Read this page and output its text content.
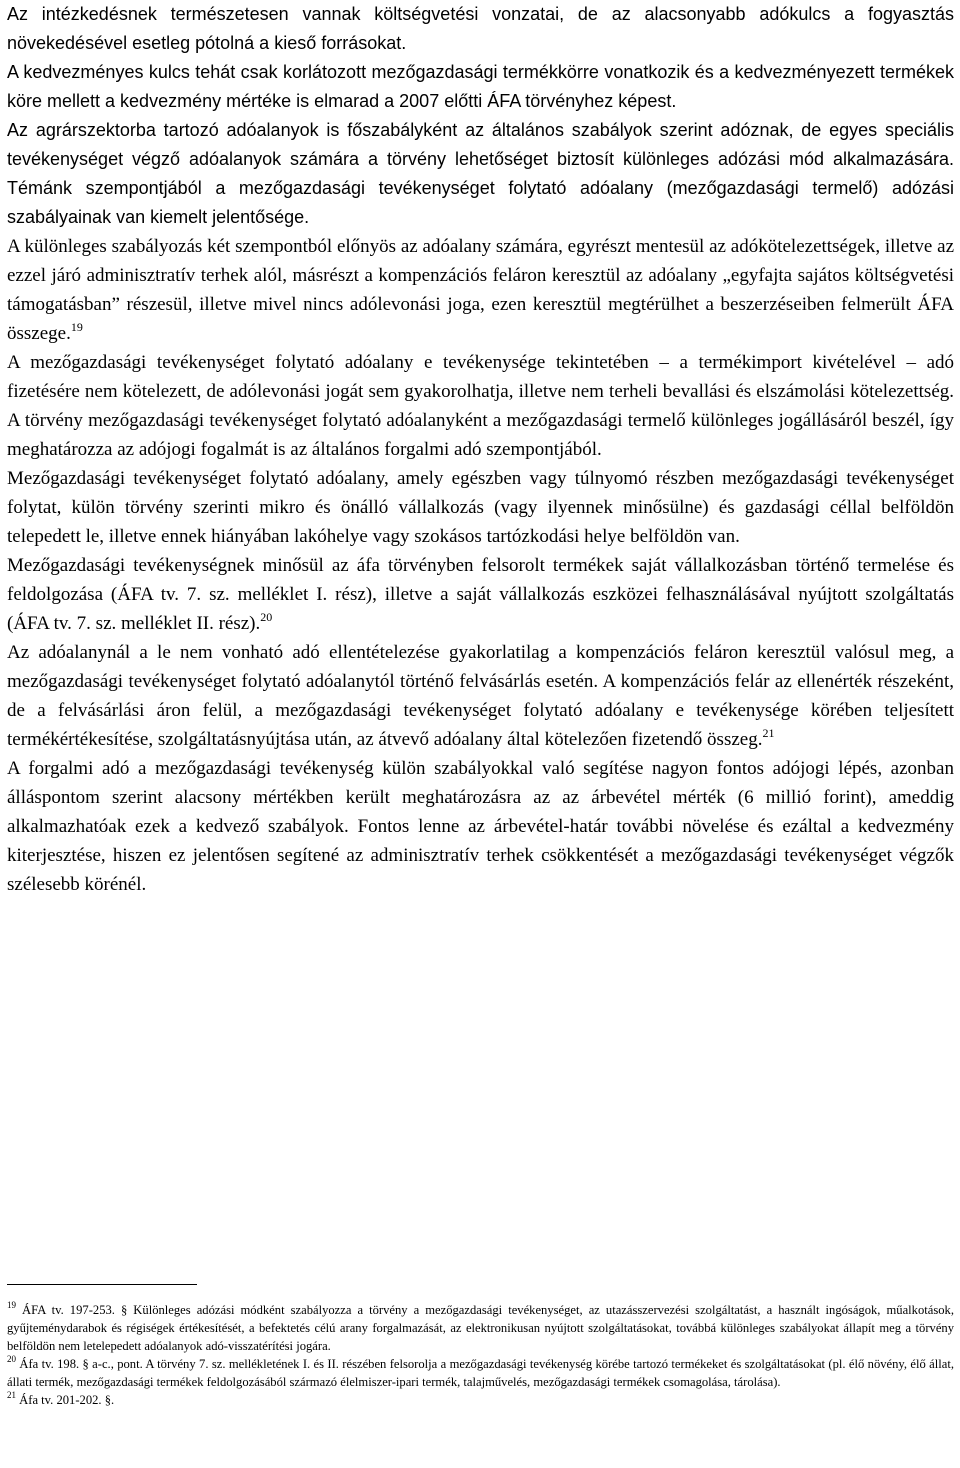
Az intézkedésnek természetesen vannak költségvetési vonzatai, de az alacsonyabb adókulcs a fogyasztás növekedésével esetleg pótolná a kieső forrásokat.

A kedvezményes kulcs tehát csak korlátozott mezőgazdasági termékkörre vonatkozik és a kedvezményezett termékek köre mellett a kedvezmény mértéke is elmarad a 2007 előtti ÁFA törvényhez képest.

Az agrárszektorba tartozó adóalanyok is főszabályként az általános szabályok szerint adóznak, de egyes speciális tevékenységet végző adóalanyok számára a törvény lehetőséget biztosít különleges adózási mód alkalmazására. Témánk szempontjából a mezőgazdasági tevékenységet folytató adóalany (mezőgazdasági termelő) adózási szabályainak van kiemelt jelentősége.

A különleges szabályozás két szempontból előnyös az adóalany számára, egyrészt mentesül az adókötelezettségek, illetve az ezzel járó adminisztratív terhek alól, másrészt a kompenzációs feláron keresztül az adóalany „egyfajta sajátos költségvetési támogatásban” részesül, illetve mivel nincs adólevonási joga, ezen keresztül megtérülhet a beszerzéseiben felmerült ÁFA összege.$^{19}$

A mezőgazdasági tevékenységet folytató adóalany e tevékenysége tekintetében – a termékimport kivételével – adó fizetésére nem kötelezett, de adólevonási jogát sem gyakorolhatja, illetve nem terheli bevallási és elszámolási kötelezettség. A törvény mezőgazdasági tevékenységet folytató adóalanyként a mezőgazdasági termelő különleges jogállásáról beszél, így meghatározza az adójogi fogalmát is az általános forgalmi adó szempontjából.

Mezőgazdasági tevékenységet folytató adóalany, amely egészben vagy túlnyomó részben mezőgazdasági tevékenységet folytat, külön törvény szerinti mikro és önálló vállalkozás (vagy ilyennek minősülne) és gazdasági céllal belföldön telepedett le, illetve ennek hiányában lakóhelye vagy szokásos tartózkodási helye belföldön van.

Mezőgazdasági tevékenységnek minősül az áfa törvényben felsorolt termékek saját vállalkozásban történő termelése és feldolgozása (ÁFA tv. 7. sz. melléklet I. rész), illetve a saját vállalkozás eszközei felhasználásával nyújtott szolgáltatás (ÁFA tv. 7. sz. melléklet II. rész).$^{20}$

Az adóalanynál a le nem vonható adó ellentételezése gyakorlatilag a kompenzációs feláron keresztül valósul meg, a mezőgazdasági tevékenységet folytató adóalanytól történő felvásárlás esetén. A kompenzációs felár az ellenérték részeként, de a felvásárlási áron felül, a mezőgazdasági tevékenységet folytató adóalany e tevékenysége körében teljesített termékértékesítése, szolgáltatásnyújtása után, az átvevő adóalany által kötelezően fizetendő összeg.$^{21}$

A forgalmi adó a mezőgazdasági tevékenység külön szabályokkal való segítése nagyon fontos adójogi lépés, azonban álláspontom szerint alacsony mértékben került meghatározásra az az árbevétel mérték (6 millió forint), ameddig alkalmazhatóak ezek a kedvező szabályok. Fontos lenne az árbevétel-határ további növelése és ezáltal a kedvezmény kiterjesztése, hiszen ez jelentősen segítené az adminisztratív terhek csökkentését a mezőgazdasági tevékenységet végzők szélesebb körénél.

$^{19}$ ÁFA tv. 197-253. § Különleges adózási módként szabályozza a törvény a mezőgazdasági tevékenységet, az utazásszervezési szolgáltatást, a használt ingóságok, műalkotások, gyűjteménydarabok és régiségek értékesítését, a befektetés célú arany forgalmazását, az elektronikusan nyújtott szolgáltatásokat, továbbá különleges szabályokat állapít meg a törvény belföldön nem letelepedett adóalanyok adó-visszatérítési jogára.

$^{20}$ Áfa tv. 198. § a-c., pont. A törvény 7. sz. mellékletének I. és II. részében felsorolja a mezőgazdasági tevékenység körébe tartozó termékeket és szolgáltatásokat (pl. élő növény, élő állat, állati termék, mezőgazdasági termékek feldolgozásából származó élelmiszer-ipari termék, talajművelés, mezőgazdasági termékek csomagolása, tárolása).

$^{21}$ Áfa tv. 201-202. §.
